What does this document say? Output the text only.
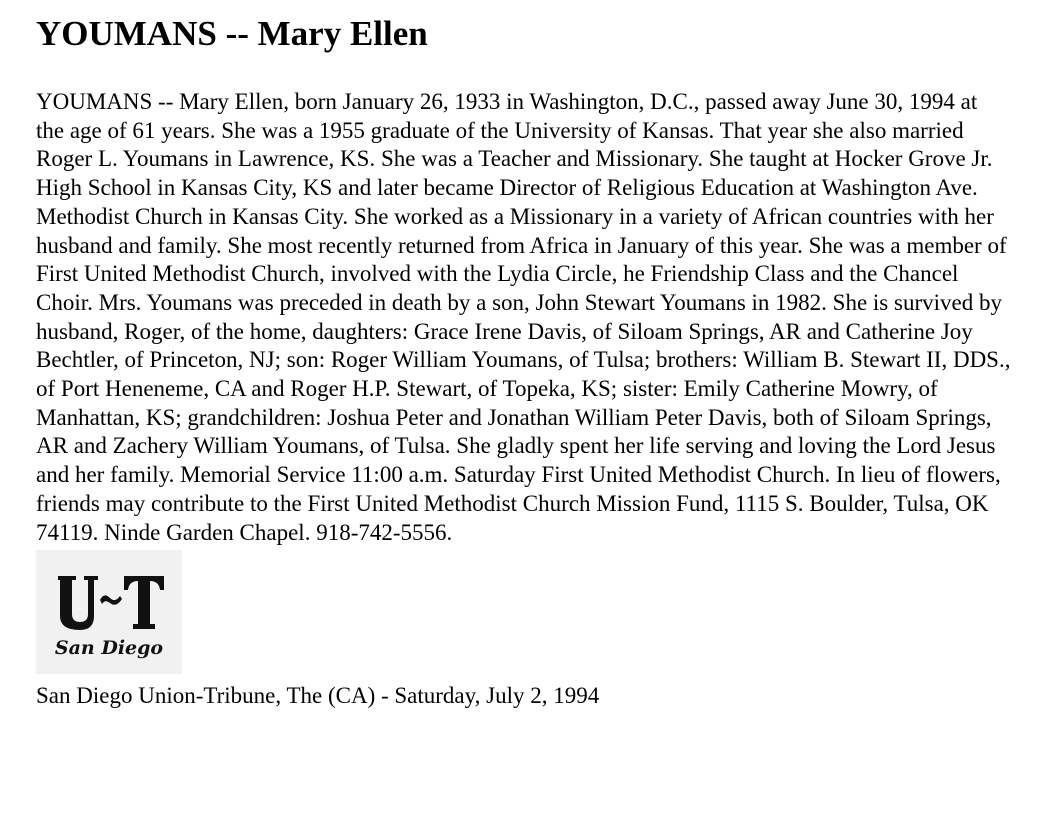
YOUMANS -- Mary Ellen

YOUMANS -- Mary Ellen, born January 26, 1933 in Washington, D.C., passed away June 30, 1994 at the age of 61 years. She was a 1955 graduate of the University of Kansas. That year she also married Roger L. Youmans in Lawrence, KS. She was a Teacher and Missionary. She taught at Hocker Grove Jr. High School in Kansas City, KS and later became Director of Religious Education at Washington Ave. Methodist Church in Kansas City. She worked as a Missionary in a variety of African countries with her husband and family. She most recently returned from Africa in January of this year. She was a member of First United Methodist Church, involved with the Lydia Circle, he Friendship Class and the Chancel Choir. Mrs. Youmans was preceded in death by a son, John Stewart Youmans in 1982. She is survived by husband, Roger, of the home, daughters: Grace Irene Davis, of Siloam Springs, AR and Catherine Joy Bechtler, of Princeton, NJ; son: Roger William Youmans, of Tulsa; brothers: William B. Stewart II, DDS., of Port Heneneme, CA and Roger H.P. Stewart, of Topeka, KS; sister: Emily Catherine Mowry, of Manhattan, KS; grandchildren: Joshua Peter and Jonathan William Peter Davis, both of Siloam Springs, AR and Zachery William Youmans, of Tulsa. She gladly spent her life serving and loving the Lord Jesus and her family. Memorial Service 11:00 a.m. Saturday First United Methodist Church. In lieu of flowers, friends may contribute to the First United Methodist Church Mission Fund, 1115 S. Boulder, Tulsa, OK 74119. Ninde Garden Chapel. 918-742-5556.

San Diego
San Diego Union-Tribune, The (CA) - Saturday, July 2, 1994
